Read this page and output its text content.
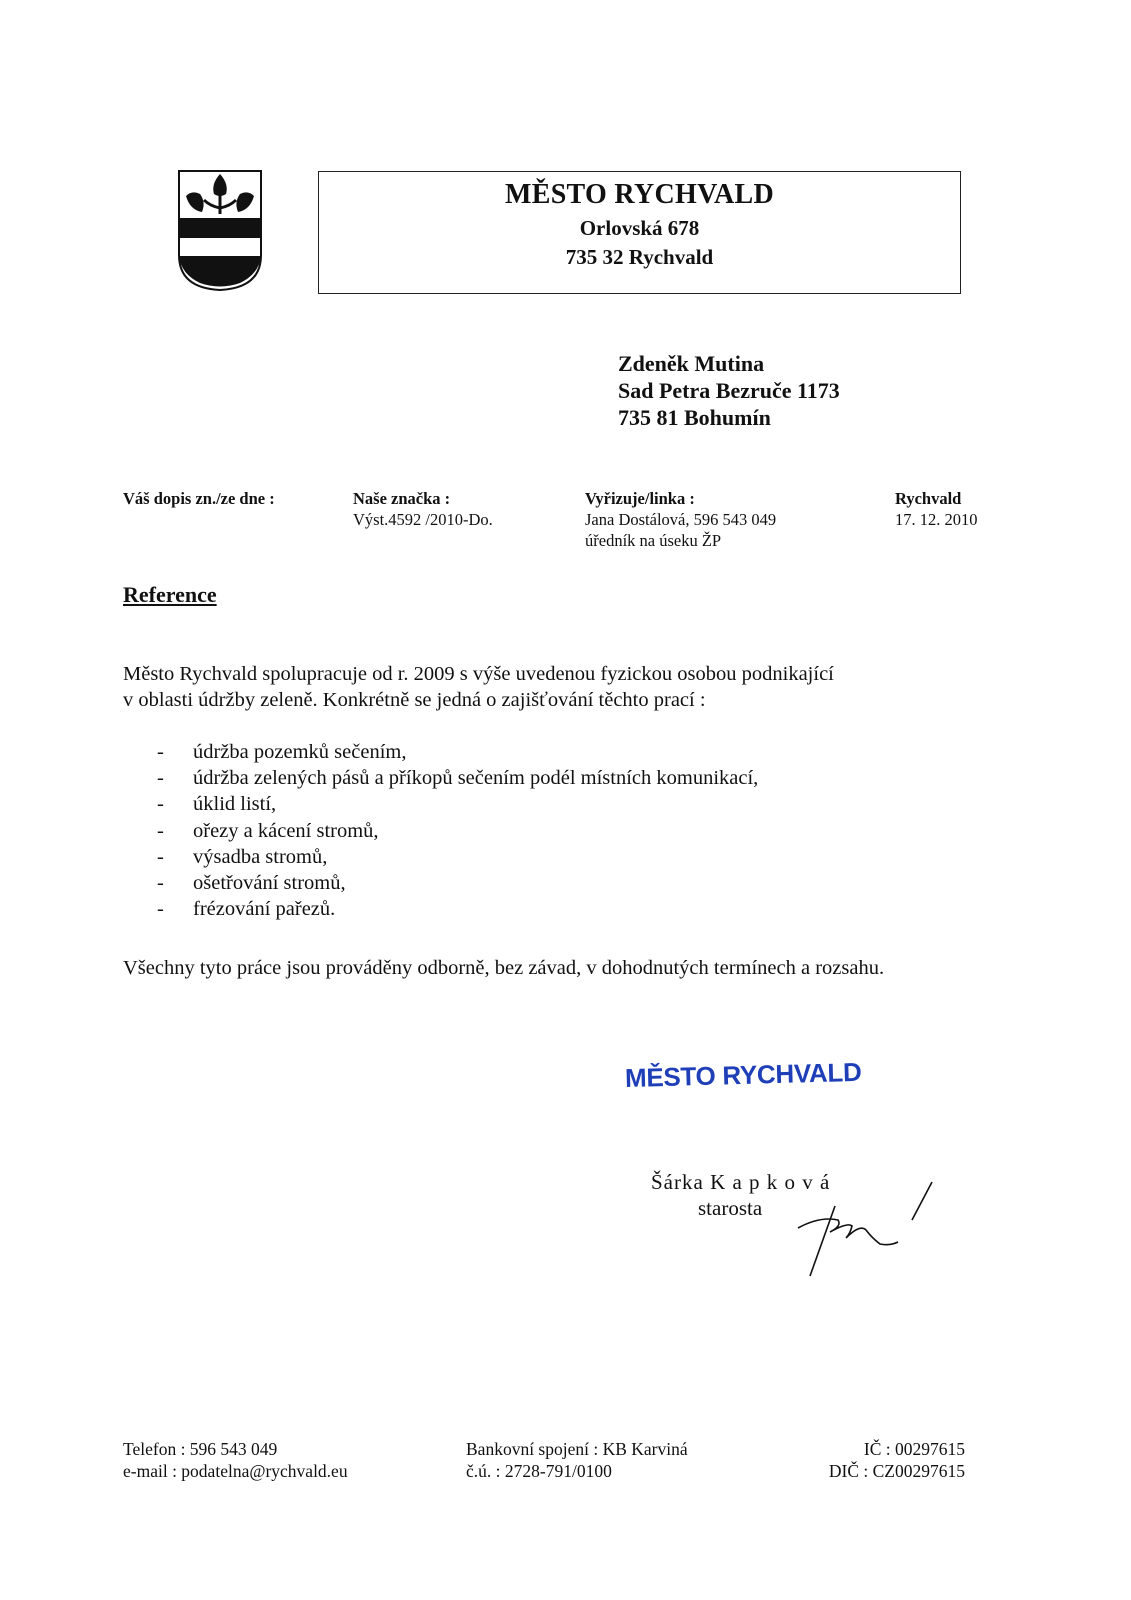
MĚSTO RYCHVALD
Orlovská 678
735 32 Rychvald
Zdeněk Mutina
Sad Petra Bezruče 1173
735 81 Bohumín
Váš dopis zn./ze dne :	Naše značka :
Výst.4592 /2010-Do.
Vyřizuje/linka :
Jana Dostálová, 596 543 049
úředník na úseku ŽP
Rychvald
17. 12. 2010
Reference
Město Rychvald spolupracuje od r. 2009 s výše uvedenou fyzickou osobou podnikající
v oblasti údržby zeleně. Konkrétně se jedná o zajišťování těchto prací :
- údržba pozemků sečením,
- údržba zelených pásů a příkopů sečením podél místních komunikací,
- úklid listí,
- ořezy a kácení stromů,
- výsadba stromů,
- ošetřování stromů,
- frézování pařezů.
Všechny tyto práce jsou prováděny odborně, bez závad, v dohodnutých termínech a rozsahu.
MĚSTO RYCHVALD
Šárka K a p k o v á
starosta
Telefon : 596 543 049
e-mail : podatelna@rychvald.eu
Bankovní spojení : KB Karviná
č.ú. : 2728-791/0100
IČ : 00297615
DIČ : CZ00297615
